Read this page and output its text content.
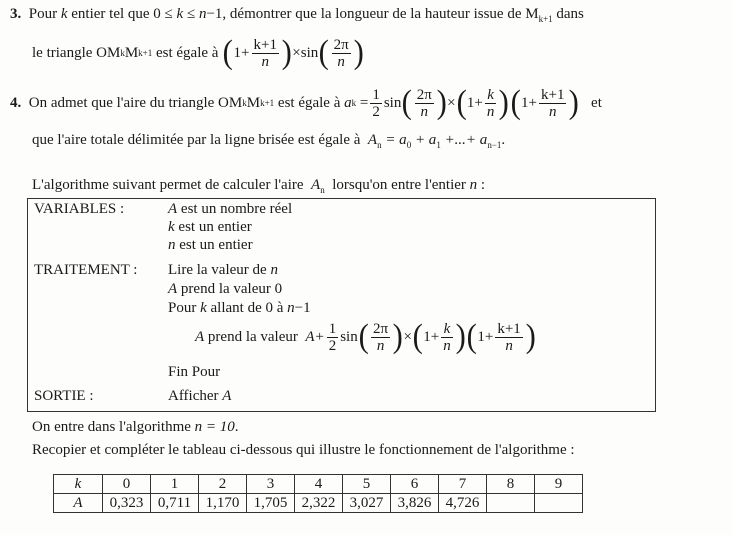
3. Pour k entier tel que 0 ≤ k ≤ n−1, démontrer que la longueur de la hauteur issue de $M_{k+1}$ dans
le triangle OM k M k+1
est égale à
( $1+ \frac{k+1}{n}$ ) ×sin ( $\frac{2\pi}{n}$ )
4.
On admet que l'aire du triangle OM k M k+1
est égale à
a $k = \frac{1}{2}$ sin ( $\frac{2\pi}{n}$ ) × ( $1+ \frac{k}{n}$ ) ( $1+ \frac{k+1}{n}$ )
et
que l'aire totale délimitée par la ligne brisée est égale à $A_n = a_0 + a_1$ +...+ $a_{n-1}$.
L'algorithme suivant permet de calculer l'aire $A_n$ lorsqu'on entre l'entier n :
VARIABLES :	A est un nombre réel
k est un entier
n est un entier
TRAITEMENT : Lire la valeur de n
A prend la valeur 0
Pour k allant de 0 à n−1
A
prend la valeur
$A+ \frac{1}{2}$ sin ( $\frac{2\pi}{n}$ ) × ( $1+ \frac{k}{n}$ ) ( $1+ \frac{k+1}{n}$ )
Fin Pour
SORTIE :	Afficher A
On entre dans l'algorithme n = 10.
Recopier et compléter le tableau ci-dessous qui illustre le fonctionnement de l'algorithme :
k	0	1	2	3	4	5	6	7	8	9
A	0,323	0,711	1,170	1,705	2,322	3,027	3,826	4,726		
